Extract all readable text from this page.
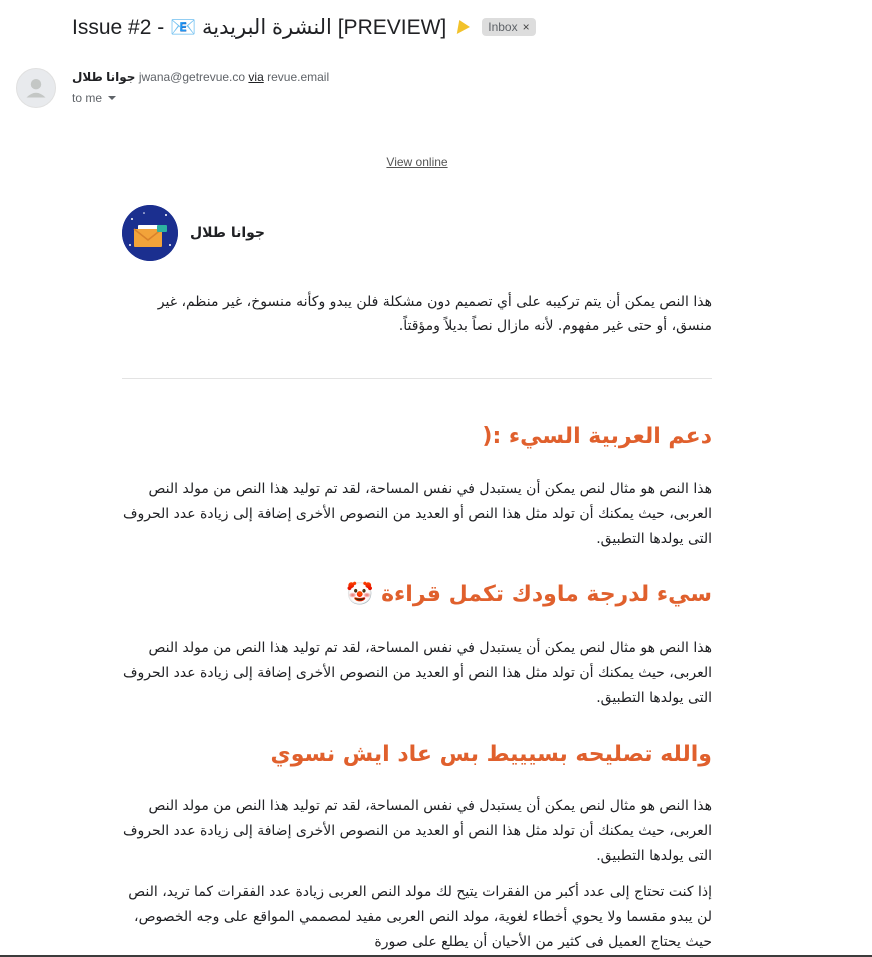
Issue #2 - 📧 النشرة البريدية [PREVIEW]	Inbox ×
جوانا طلال jwana@getrevue.co via revue.email
to me
View online
جوانا طلال

هذا النص يمكن أن يتم تركيبه على أي تصميم دون مشكلة فلن يبدو وكأنه منسوخ، غير منظم، غير منسق، أو حتى غير مفهوم. لأنه مازال نصاً بديلاً ومؤقتاً.

دعم العربية السيء :(

هذا النص هو مثال لنص يمكن أن يستبدل في نفس المساحة، لقد تم توليد هذا النص من مولد النص العربى، حيث يمكنك أن تولد مثل هذا النص أو العديد من النصوص الأخرى إضافة إلى زيادة عدد الحروف التى يولدها التطبيق.

سيء لدرجة ماودك تكمل قراءة 🤡

هذا النص هو مثال لنص يمكن أن يستبدل في نفس المساحة، لقد تم توليد هذا النص من مولد النص العربى، حيث يمكنك أن تولد مثل هذا النص أو العديد من النصوص الأخرى إضافة إلى زيادة عدد الحروف التى يولدها التطبيق.

والله تصليحه بسيييط بس عاد ايش نسوي

هذا النص هو مثال لنص يمكن أن يستبدل في نفس المساحة، لقد تم توليد هذا النص من مولد النص العربى، حيث يمكنك أن تولد مثل هذا النص أو العديد من النصوص الأخرى إضافة إلى زيادة عدد الحروف التى يولدها التطبيق.

إذا كنت تحتاج إلى عدد أكبر من الفقرات يتيح لك مولد النص العربى زيادة عدد الفقرات كما تريد، النص لن يبدو مقسما ولا يحوي أخطاء لغوية، مولد النص العربى مفيد لمصممي المواقع على وجه الخصوص، حيث يحتاج العميل فى كثير من الأحيان أن يطلع على صورة
